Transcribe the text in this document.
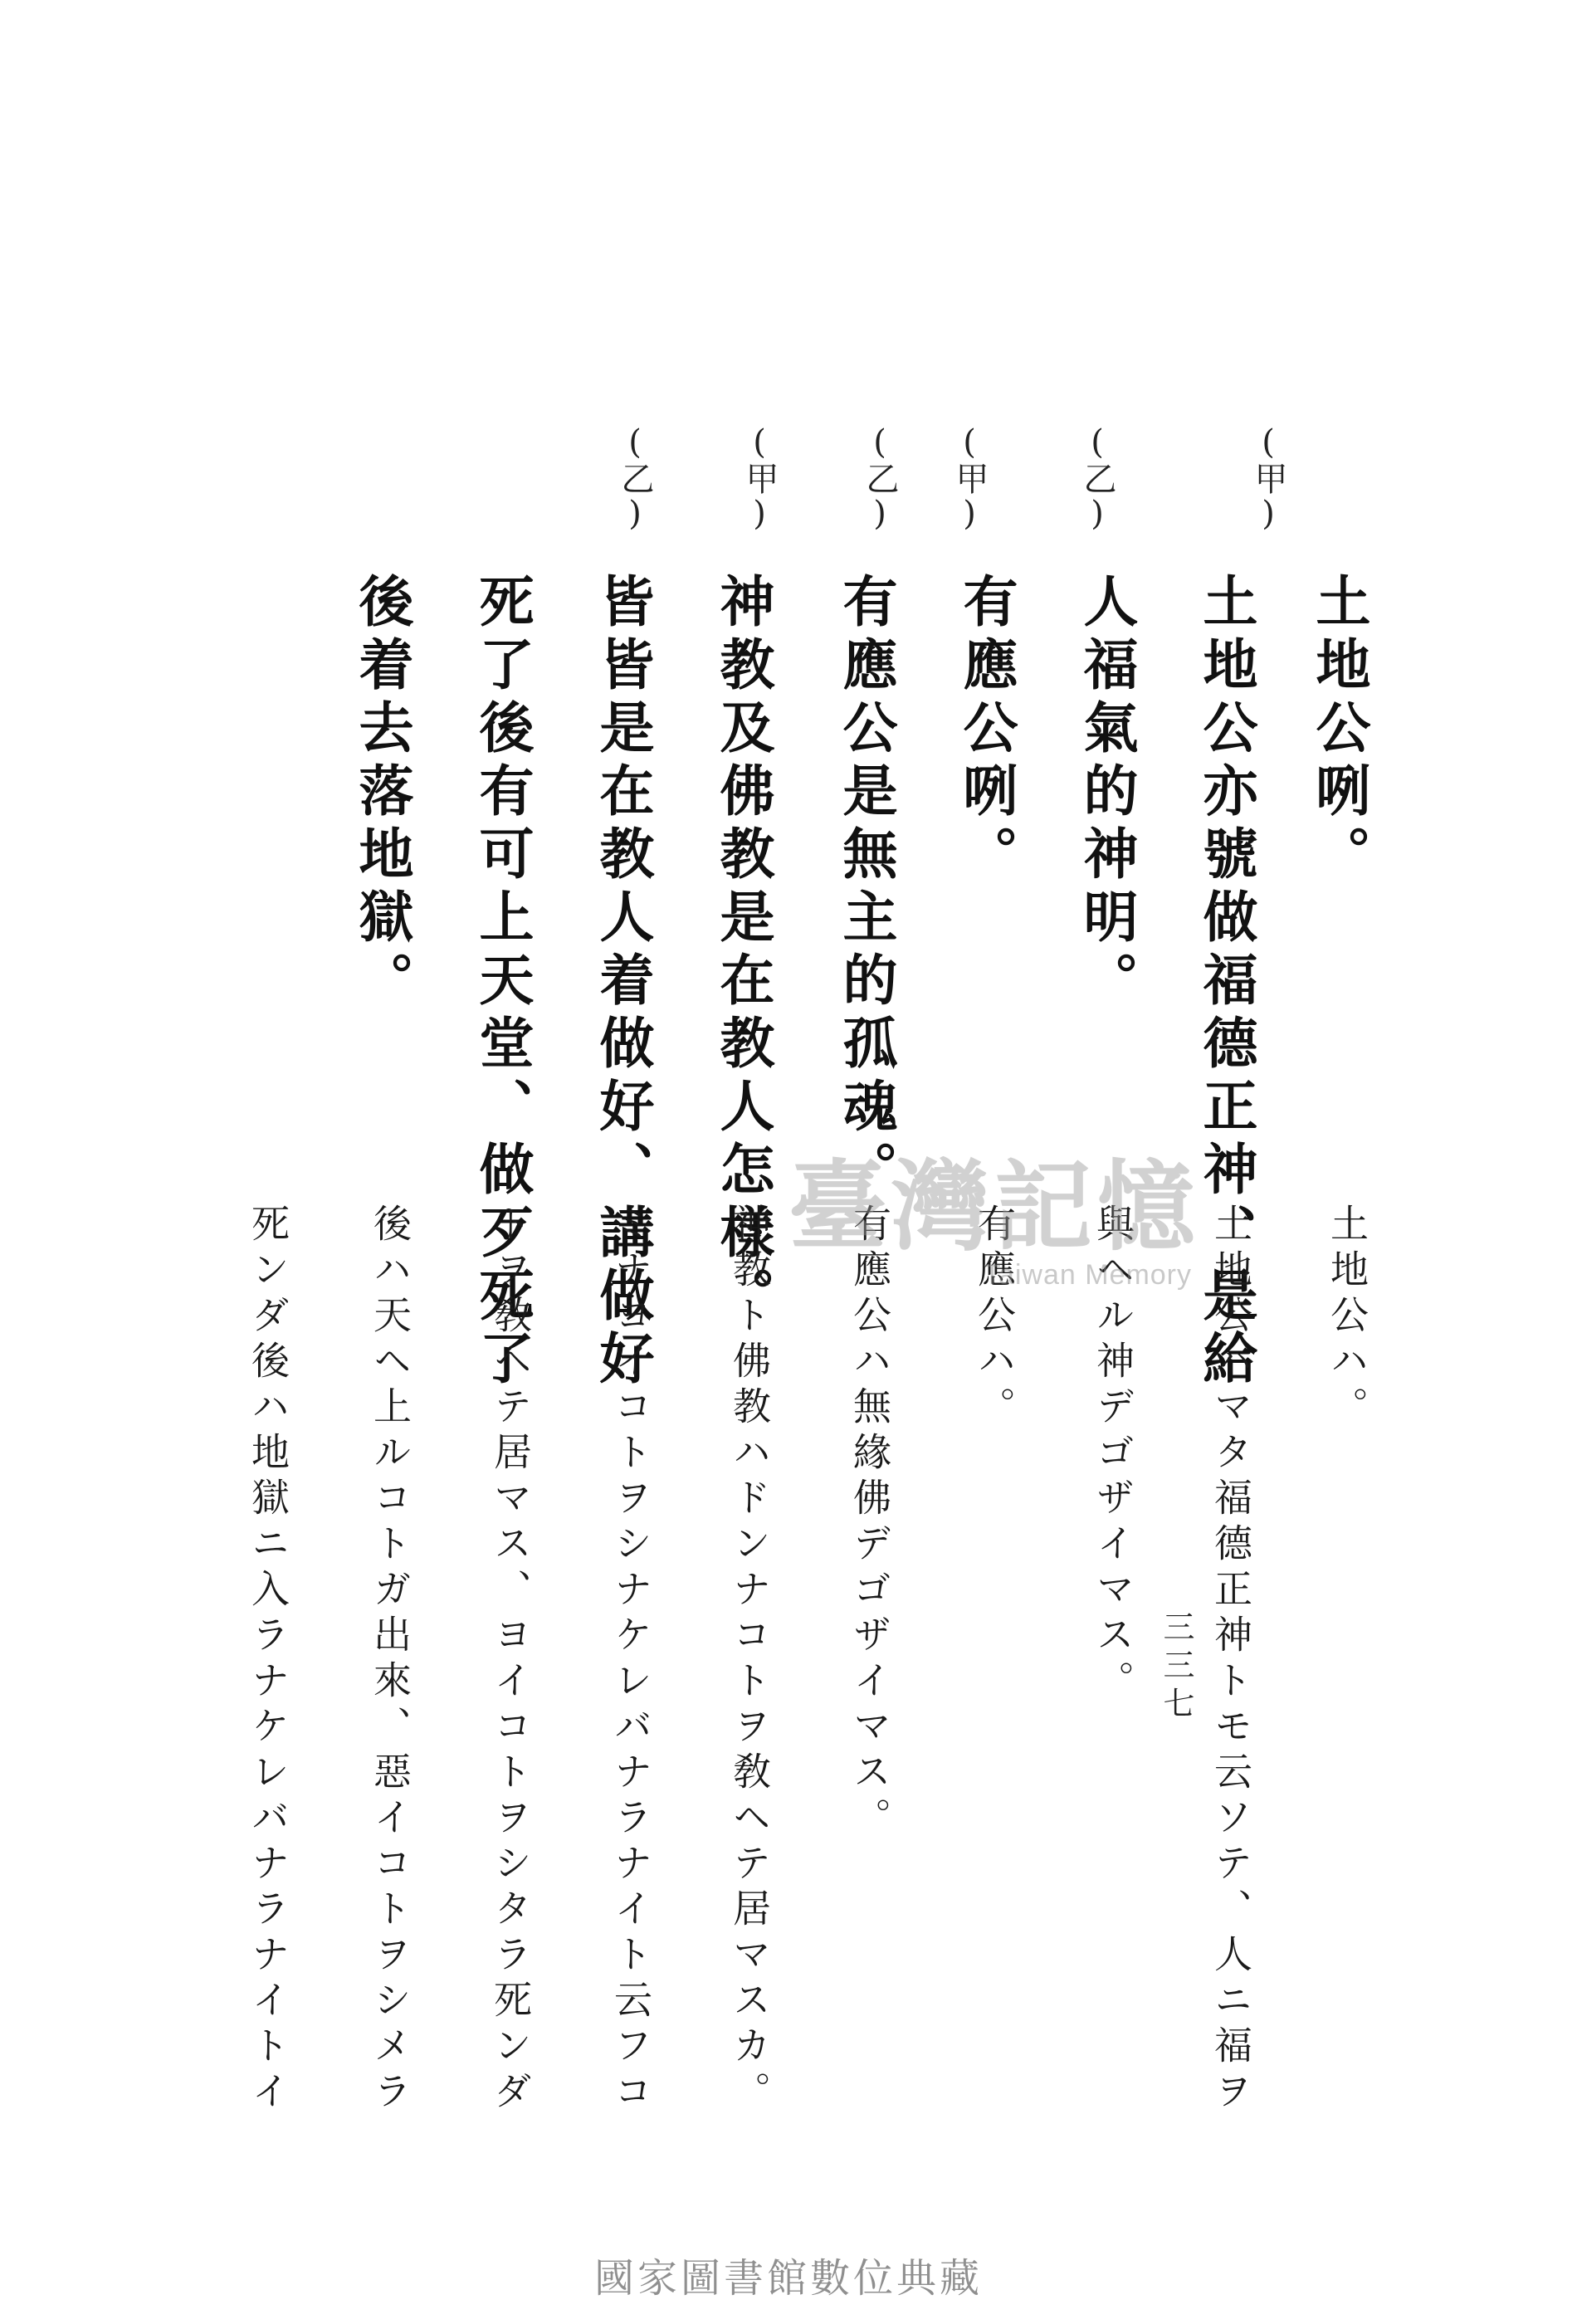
(甲)
(乙)
(甲)
(乙)
(甲)
(乙)
土地公咧。
土地公亦號做福德正神、是給
人福氣的神明。
有應公咧。
有應公是無主的孤魂。
神教及佛教是在教人怎樣。
皆皆是在教人着做好、講做好
死了後有可上天堂、做歹死了
後着去落地獄。
土地公ハ。
土地公ハマタ福德正神トモ云ソテ、人ニ福ヲ
與ヘル神デゴザイマス。
有應公ハ。
有應公ハ無緣佛デゴザイマス。
神教ト佛教ハドンナコトヲ敎ヘテ居マスカ。
ミナヨイコトヲシナケレバナラナイト云フコ
トヲ敎ヘテ居マス、ヨイコトヲシタラ死ンダ
後ハ天ヘ上ルコトガ出來、惡イコトヲシメラ
死ンダ後ハ地獄ニ入ラナケレバナラナイトイ	三三七
臺灣記憶
Taiwan Memory
國家圖書館數位典藏
